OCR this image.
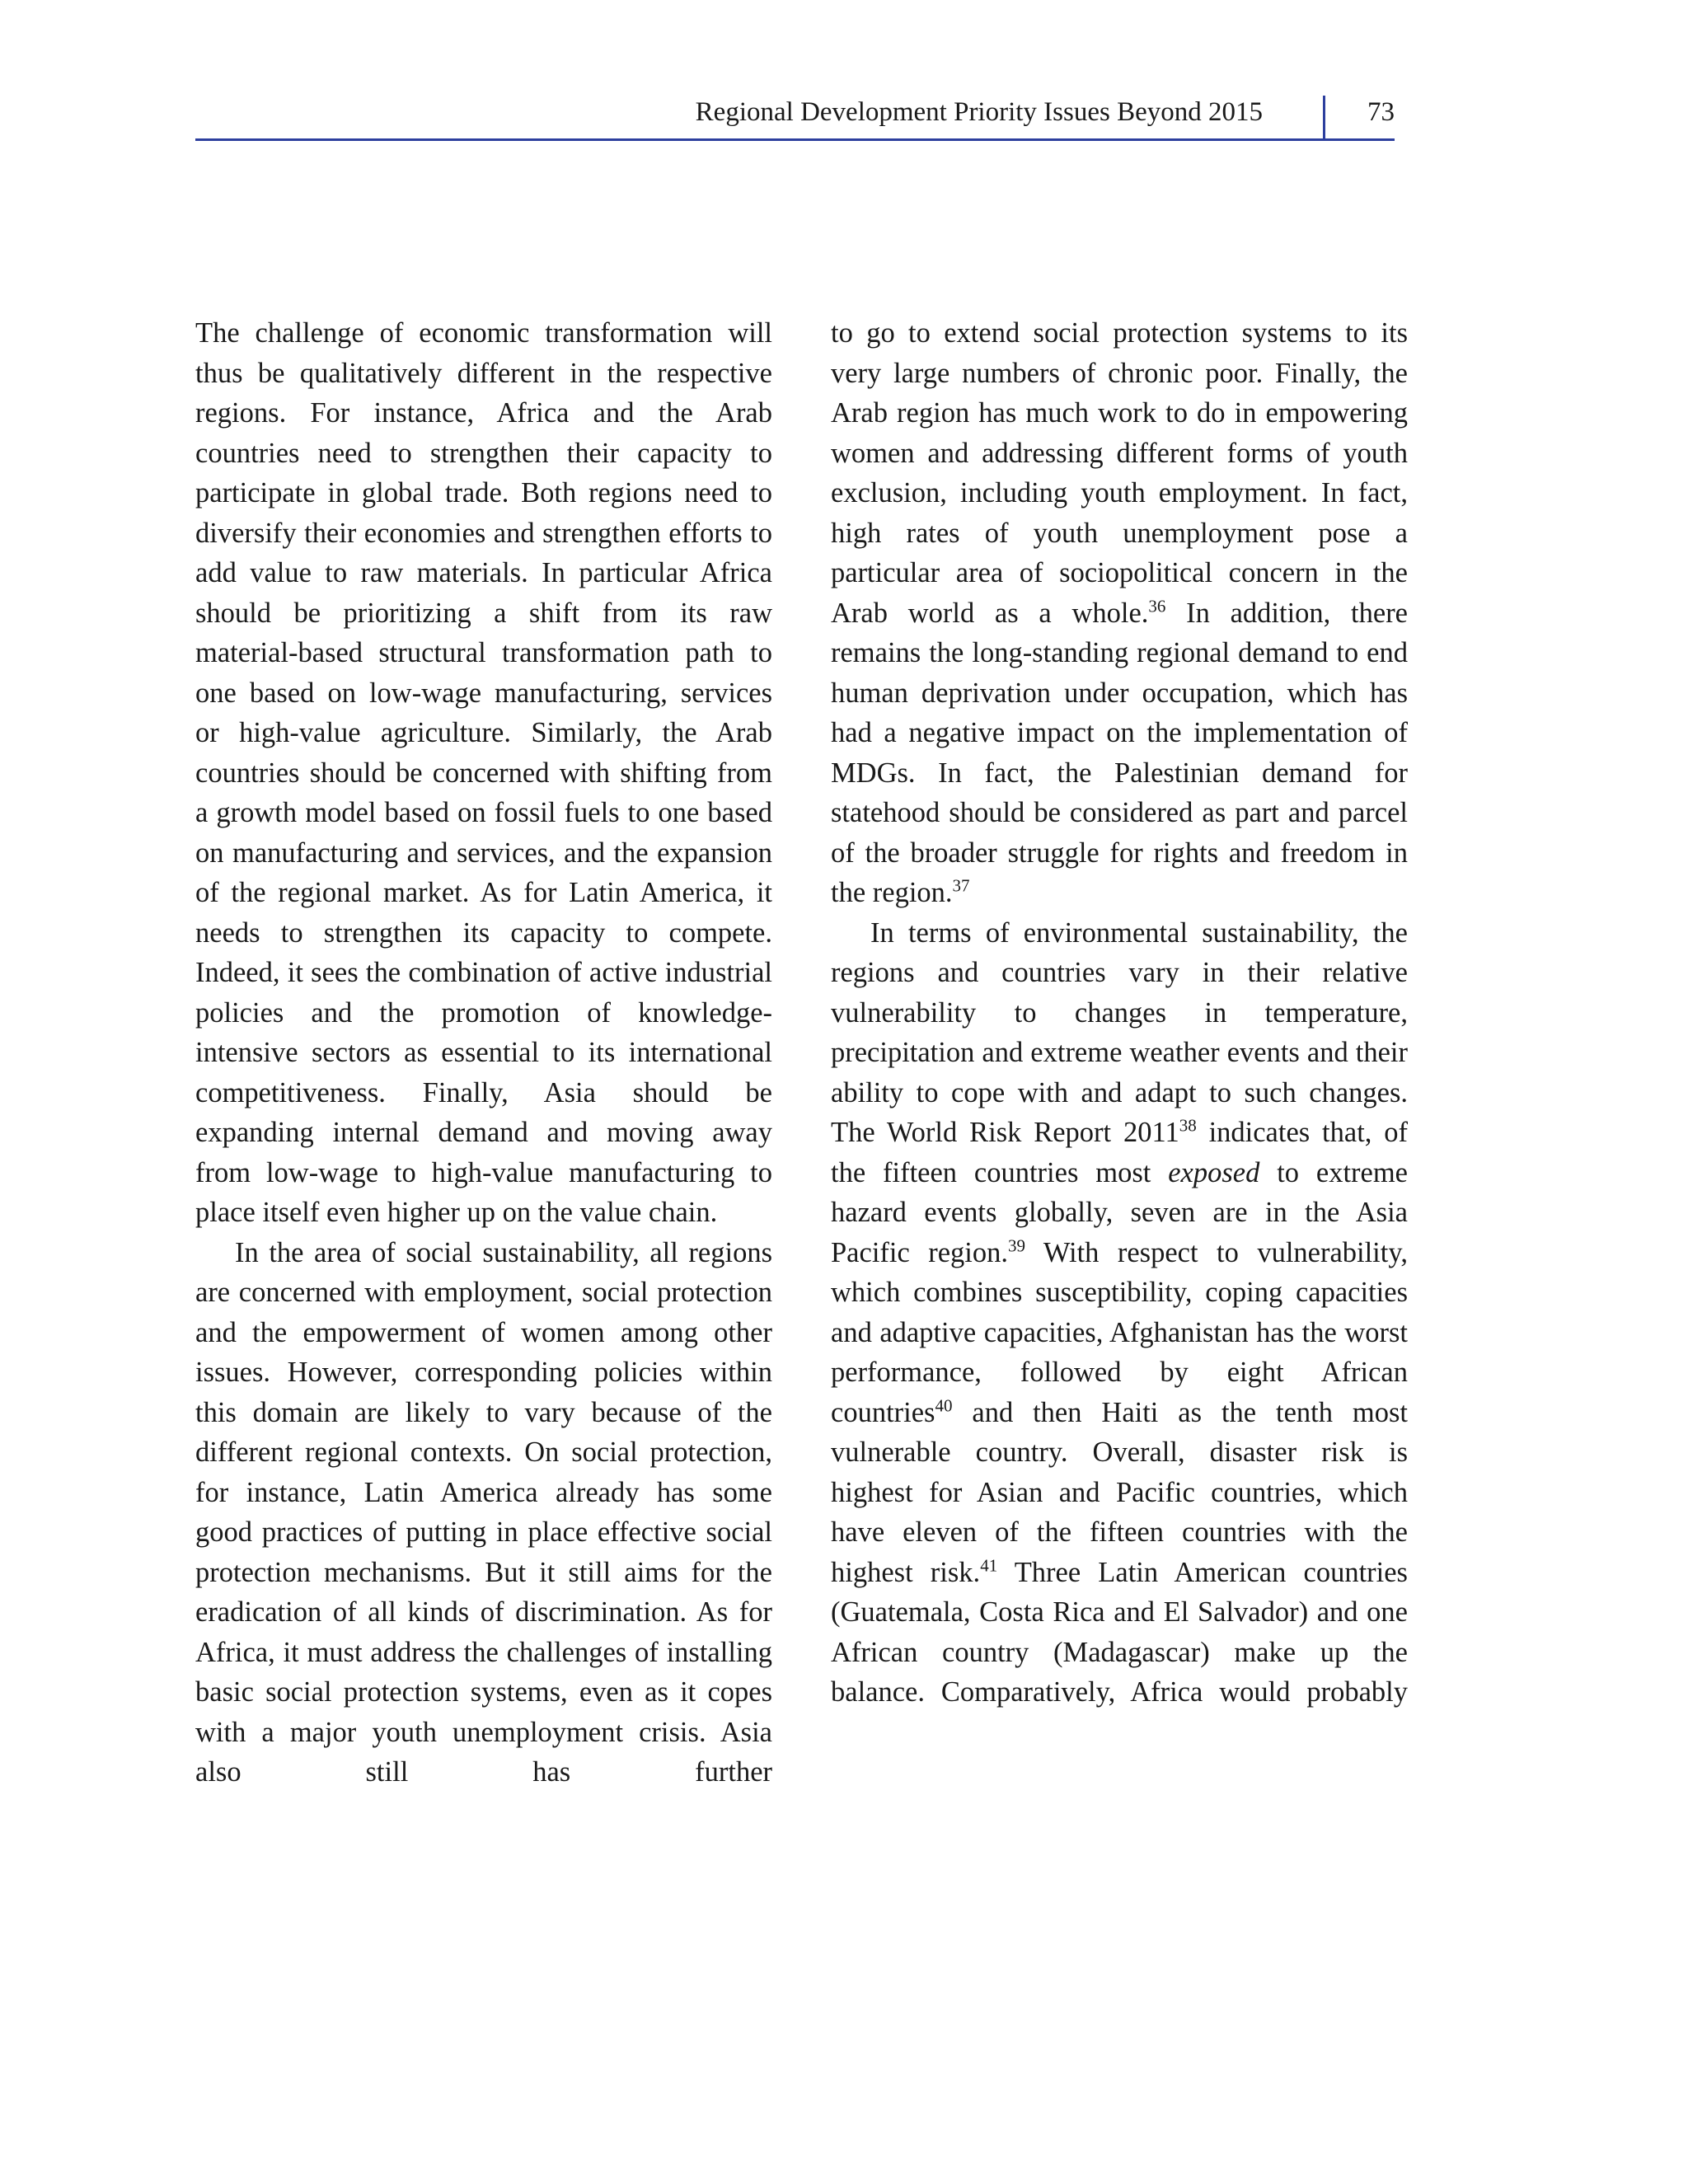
Regional Development Priority Issues Beyond 2015	73

The challenge of economic transformation will thus be qualitatively different in the respective regions. For instance, Africa and the Arab countries need to strengthen their capacity to participate in global trade. Both regions need to diversify their economies and strengthen efforts to add value to raw materials. In particular Africa should be prioritizing a shift from its raw material-based structural transformation path to one based on low-wage manufacturing, services or high-value agriculture. Similarly, the Arab countries should be concerned with shifting from a growth model based on fossil fuels to one based on manufacturing and services, and the expansion of the regional market. As for Latin America, it needs to strengthen its capacity to compete. Indeed, it sees the combination of active industrial policies and the promotion of knowledge-intensive sectors as essential to its international competitiveness. Finally, Asia should be expanding internal demand and moving away from low-wage to high-value manufacturing to place itself even higher up on the value chain.

In the area of social sustainability, all regions are concerned with employment, social protection and the empowerment of women among other issues. However, corresponding policies within this domain are likely to vary because of the different regional contexts. On social protection, for instance, Latin America already has some good practices of putting in place effective social protection mechanisms. But it still aims for the eradication of all kinds of discrimination. As for Africa, it must address the challenges of installing basic social protection systems, even as it copes with a major youth unemployment crisis. Asia also still has further

to go to extend social protection systems to its very large numbers of chronic poor. Finally, the Arab region has much work to do in empowering women and addressing different forms of youth exclusion, including youth employment. In fact, high rates of youth unemployment pose a particular area of sociopolitical concern in the Arab world as a whole.$^{36}$ In addition, there remains the long-standing regional demand to end human deprivation under occupation, which has had a negative impact on the implementation of MDGs. In fact, the Palestinian demand for statehood should be considered as part and parcel of the broader struggle for rights and freedom in the region.$^{37}$

In terms of environmental sustainability, the regions and countries vary in their relative vulnerability to changes in temperature, precipitation and extreme weather events and their ability to cope with and adapt to such changes. The World Risk Report 2011$^{38}$ indicates that, of the fifteen countries most exposed to extreme hazard events globally, seven are in the Asia Pacific region.$^{39}$ With respect to vulnerability, which combines susceptibility, coping capacities and adaptive capacities, Afghanistan has the worst performance, followed by eight African countries$^{40}$ and then Haiti as the tenth most vulnerable country. Overall, disaster risk is highest for Asian and Pacific countries, which have eleven of the fifteen countries with the highest risk.$^{41}$ Three Latin American countries (Guatemala, Costa Rica and El Salvador) and one African country (Madagascar) make up the balance. Comparatively, Africa would probably
